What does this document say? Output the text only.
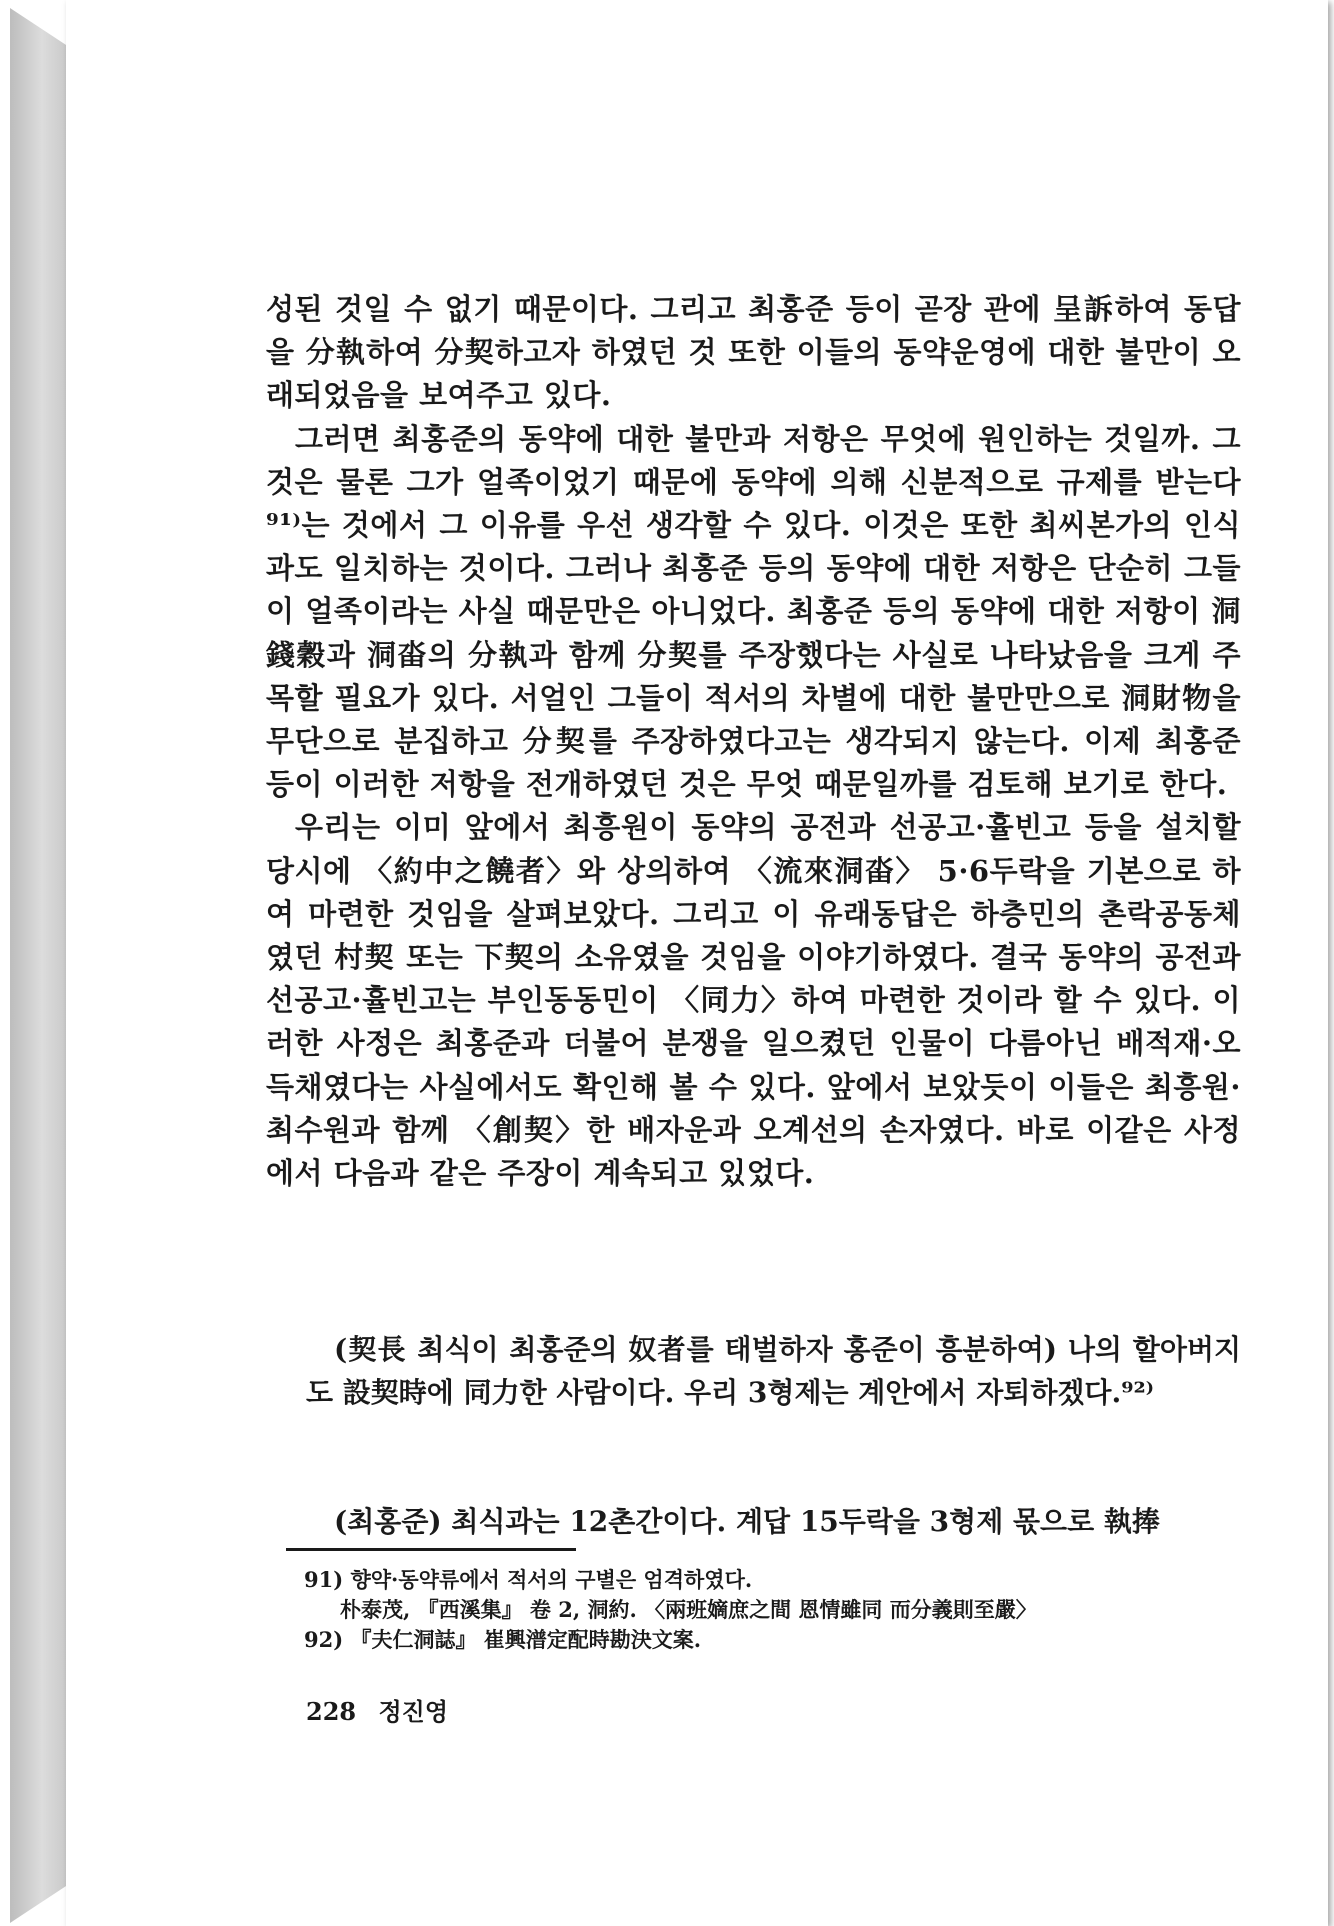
성된 것일 수 없기 때문이다. 그리고 최홍준 등이 곧장 관에 呈訴하여 동답을 分執하여 分契하고자 하였던 것 또한 이들의 동약운영에 대한 불만이 오래되었음을 보여주고 있다.

그러면 최홍준의 동약에 대한 불만과 저항은 무엇에 원인하는 것일까. 그것은 물론 그가 얼족이었기 때문에 동약에 의해 신분적으로 규제를 받는다⁹¹⁾는 것에서 그 이유를 우선 생각할 수 있다. 이것은 또한 최씨본가의 인식과도 일치하는 것이다. 그러나 최홍준 등의 동약에 대한 저항은 단순히 그들이 얼족이라는 사실 때문만은 아니었다. 최홍준 등의 동약에 대한 저항이 洞錢穀과 洞畓의 分執과 함께 分契를 주장했다는 사실로 나타났음을 크게 주목할 필요가 있다. 서얼인 그들이 적서의 차별에 대한 불만만으로 洞財物을 무단으로 분집하고 分契를 주장하였다고는 생각되지 않는다. 이제 최홍준 등이 이러한 저항을 전개하였던 것은 무엇 때문일까를 검토해 보기로 한다.

우리는 이미 앞에서 최흥원이 동약의 공전과 선공고·휼빈고 등을 설치할 당시에 〈約中之饒者〉와 상의하여 〈流來洞畓〉 5·6두락을 기본으로 하여 마련한 것임을 살펴보았다. 그리고 이 유래동답은 하층민의 촌락공동체였던 村契 또는 下契의 소유였을 것임을 이야기하였다. 결국 동약의 공전과 선공고·휼빈고는 부인동동민이 〈同力〉하여 마련한 것이라 할 수 있다. 이러한 사정은 최홍준과 더불어 분쟁을 일으켰던 인물이 다름아닌 배적재·오득채였다는 사실에서도 확인해 볼 수 있다. 앞에서 보았듯이 이들은 최흥원·최수원과 함께 〈創契〉한 배자운과 오계선의 손자였다. 바로 이같은 사정에서 다음과 같은 주장이 계속되고 있었다.

(契長 최식이 최홍준의 奴者를 태벌하자 홍준이 흥분하여) 나의 할아버지도 設契時에 同力한 사람이다. 우리 3형제는 계안에서 자퇴하겠다.⁹²⁾

(최홍준) 최식과는 12촌간이다. 계답 15두락을 3형제 몫으로 執捧

91) 향약·동약류에서 적서의 구별은 엄격하였다.

朴泰茂, 『西溪集』 卷 2, 洞約. 〈兩班嫡庶之間 恩情雖同 而分義則至嚴〉

92) 『夫仁洞誌』 崔興潽定配時勘決文案.

228 정진영
